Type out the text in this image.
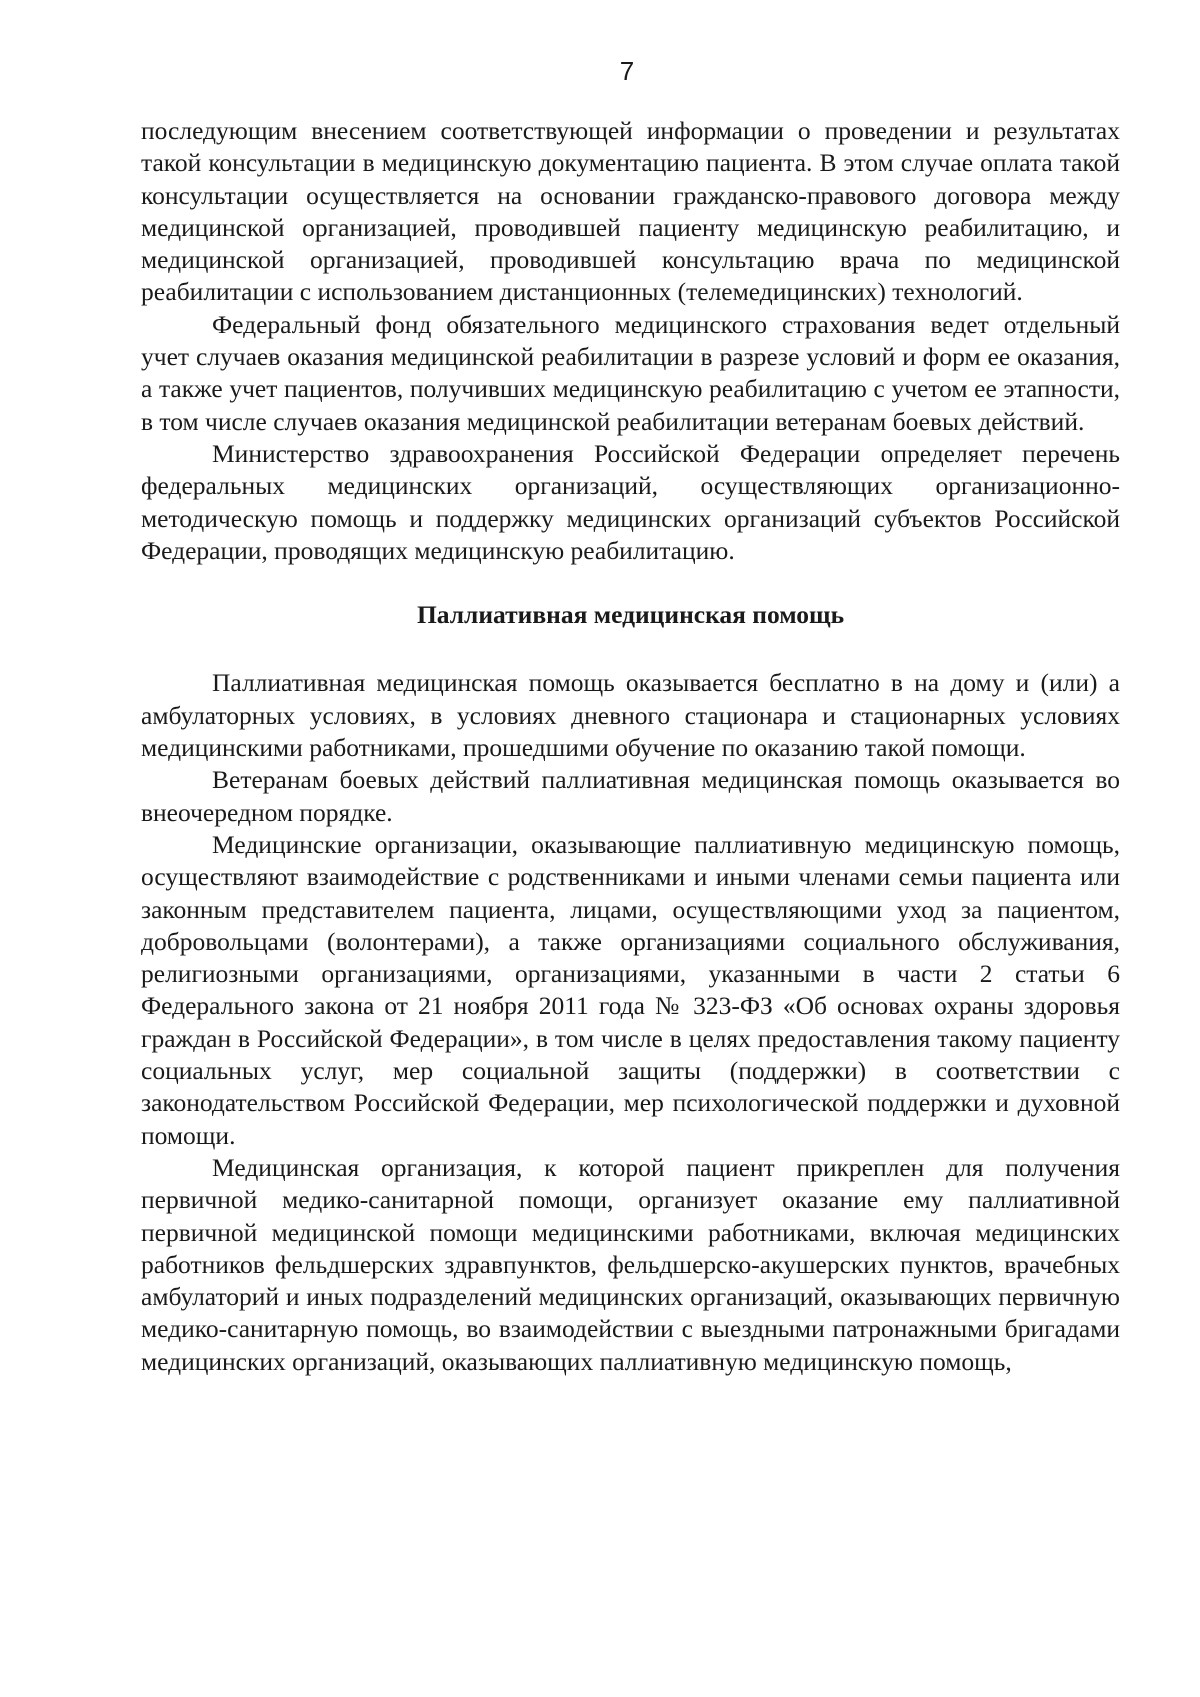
7

последующим внесением соответствующей информации о проведении и результатах такой консультации в медицинскую документацию пациента. В этом случае оплата такой консультации осуществляется на основании гражданско-правового договора между медицинской организацией, проводившей пациенту медицинскую реабилитацию, и медицинской организацией, проводившей консультацию врача по медицинской реабилитации с использованием дистанционных (телемедицинских) технологий.

Федеральный фонд обязательного медицинского страхования ведет отдельный учет случаев оказания медицинской реабилитации в разрезе условий и форм ее оказания, а также учет пациентов, получивших медицинскую реабилитацию с учетом ее этапности, в том числе случаев оказания медицинской реабилитации ветеранам боевых действий.

Министерство здравоохранения Российской Федерации определяет перечень федеральных медицинских организаций, осуществляющих организационно-методическую помощь и поддержку медицинских организаций субъектов Российской Федерации, проводящих медицинскую реабилитацию.

Паллиативная медицинская помощь

Паллиативная медицинская помощь оказывается бесплатно в на дому и (или) а амбулаторных условиях, в условиях дневного стационара и стационарных условиях медицинскими работниками, прошедшими обучение по оказанию такой помощи.

Ветеранам боевых действий паллиативная медицинская помощь оказывается во внеочередном порядке.

Медицинские организации, оказывающие паллиативную медицинскую помощь, осуществляют взаимодействие с родственниками и иными членами семьи пациента или законным представителем пациента, лицами, осуществляющими уход за пациентом, добровольцами (волонтерами), а также организациями социального обслуживания, религиозными организациями, организациями, указанными в части 2 статьи 6 Федерального закона от 21 ноября 2011 года № 323-ФЗ «Об основах охраны здоровья граждан в Российской Федерации», в том числе в целях предоставления такому пациенту социальных услуг, мер социальной защиты (поддержки) в соответствии с законодательством Российской Федерации, мер психологической поддержки и духовной помощи.

Медицинская организация, к которой пациент прикреплен для получения первичной медико-санитарной помощи, организует оказание ему паллиативной первичной медицинской помощи медицинскими работниками, включая медицинских работников фельдшерских здравпунктов, фельдшерско-акушерских пунктов, врачебных амбулаторий и иных подразделений медицинских организаций, оказывающих первичную медико-санитарную помощь, во взаимодействии с выездными патронажными бригадами медицинских организаций, оказывающих паллиативную медицинскую помощь,
